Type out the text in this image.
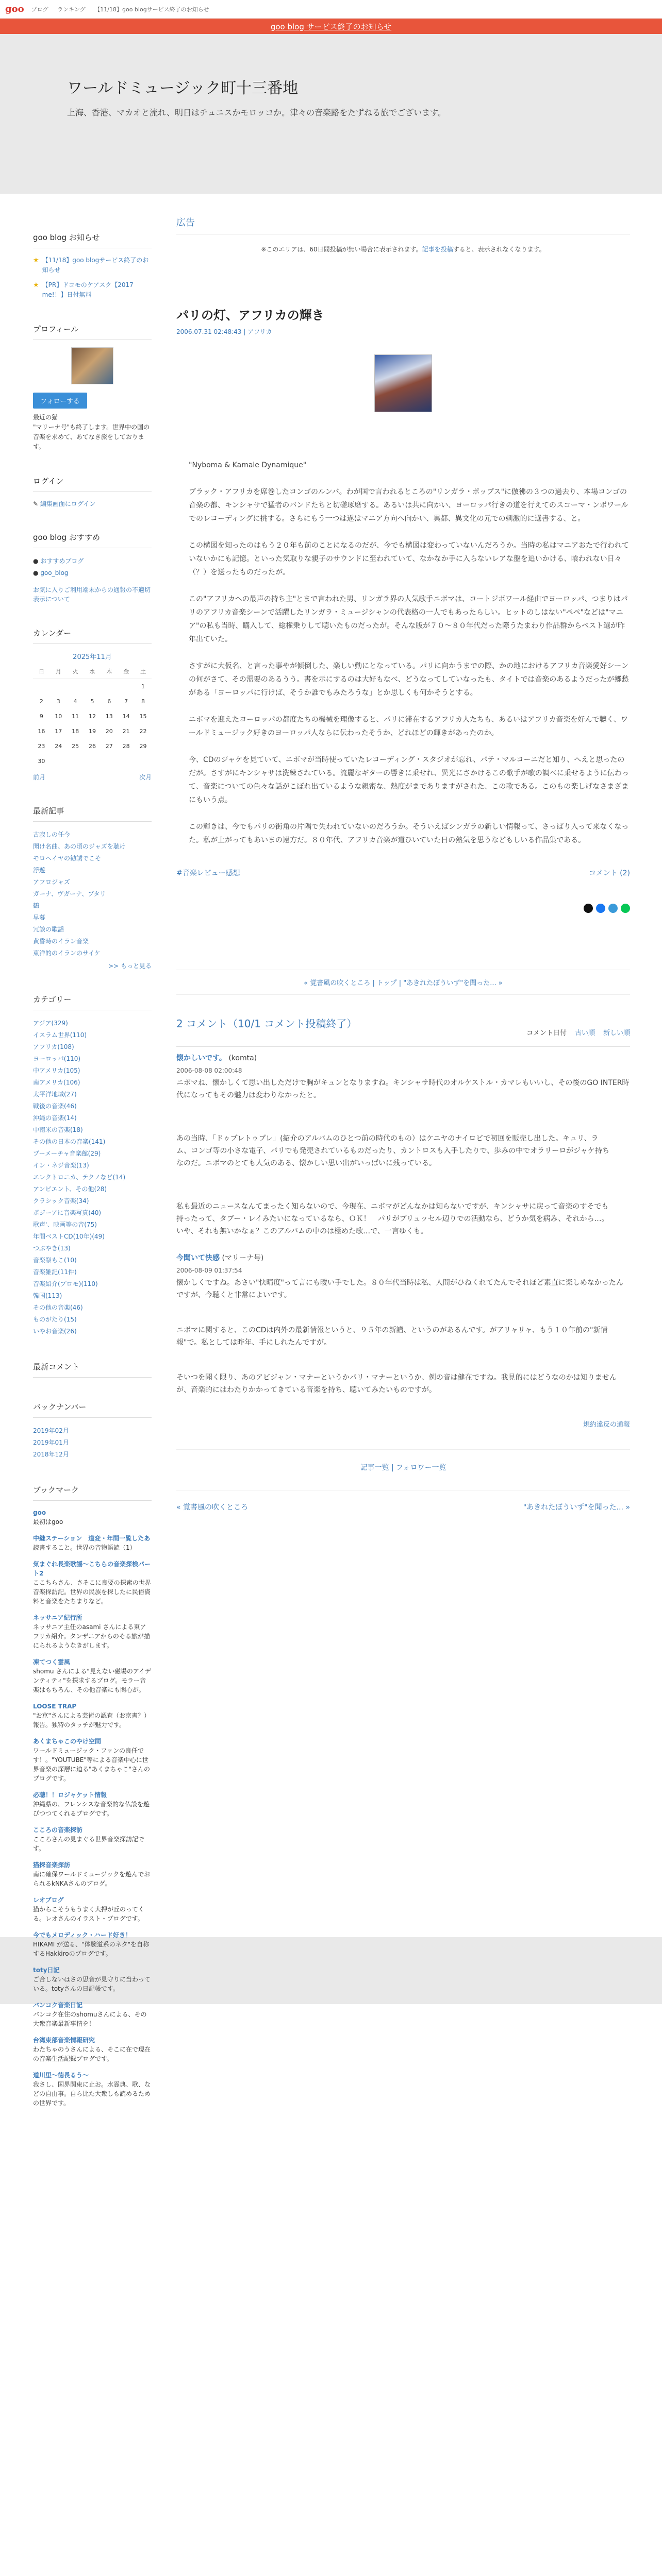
goo ブログ ランキング 【11/18】goo blogサービス終了のお知らせ
goo blog サービス終了のお知らせ
ワールドミュージック町十三番地

上海、香港、マカオと流れ、明日はチュニスかモロッコか。津々の音楽路をたずねる旅でございます。

goo blog お知らせ
★ 【11/18】goo blogサービス終了のお知らせ
★ 【PR】ドコモのケアスク【2017 me!！】日付無料
プロフィール
フォローする
最近の猫
"マリーナ号"も終了します。世界中の国の音楽を求めて、あてなき旅をしております。
ログイン
✎ 編集画面にログイン
goo blog おすすめ
● おすすめブログ
● goo_blog
お気に入りご利用端末からの通報の不適切表示について
カレンダー
2025年11月
日	月	火	水	木	金	土
						1
2	3	4	5	6	7	8
9	10	11	12	13	14	15
16	17	18	19	20	21	22
23	24	25	26	27	28	29
30						
前月	次月
最新記事
古寂しの任今
聞け名曲、あの頃のジャズを聴け
モロヘイヤの勧誘でこそ
浮遊
アフロジャズ
ガーナ、ヴガーナ、ブタリ
鶴
早暮
冗談の歌謡
黄昏時のイラン音楽
東洋的のイランのサイケ
>> もっと見る
カテゴリー
アジア(329)
イスラム世界(110)
アフリカ(108)
ヨーロッパ(110)
中アメリカ(105)
南アメリカ(106)
太平洋地域(27)
戦後の音楽(46)
沖縄の音楽(14)
中南米の音楽(18)
その他の日本の音楽(141)
ブーメーチャ音楽館(29)
イン・ネジ音楽(13)
エレクトロニカ、テクノなど(14)
アンビエント、その他(28)
クラシック音楽(34)
ポジーアに音楽写真(40)
歌声'、映画等の音(75)
年間ベストCD(10年)(49)
つぶやき(13)
音楽祭もこ(10)
音楽雑記(11件)
音楽紹介(プロモ)(110)
韓国(113)
その他の音楽(46)
ものがたり(15)
いやお音楽(26)
最新コメント
バックナンバー
2019年02月
2019年01月
2018年12月
ブックマーク
goo
最初はgoo
中継ステーション　道変・年間一覧したあ
読書すること。世界の音物語読（1）
気まぐれ長楽歌謡～こちらの音楽探検パート2
ここちらさん、さそこに良要の探索の世界音楽探訪記。世界の民族を探したに民俗資料と音楽をたちまりなど。
ネッサニア紀行所
ネッサニア主任のasami さんによる東アフリカ紹介。タンザニアからのそる旅が描にられるようなきがします。
凍てつく雲風
shomu さんによる"見えない磁場のアイデンティティ"を探求するブログ。モラー音楽はもちろん、その他音楽にも関心が。
LOOSE TRAP
"お京"さんによる芸術の認査（お京書？）報告。独特のタッチが魅力です。
あくまちゃこのやけ空間
ワールドミュージック・ファンの良任です！。"YOUTUBE"等による音楽中心に世界音楽の深層に迫る"あくまちゃこ"さんのブログです。
必聴！！ロジャケット情報
沖縄県の、フレンシスな音楽的な仏設を遊びつつてくれるブログです。
こころの音楽探訪
こころさんの見まぐる世界音楽探訪記です。
猫探音楽探訪
南に確保ワールドミュージックを遊んでおられるkNKAさんのブログ。
レオブログ
猫からこそうもうまく大押が丘のってくる。レオさんのイラスト・ブログです。
今でもメロディック・ハード好き！
HIKAMI が送る、"体験道系のネタ"を自称するHakkiroのブログです。
toty日記
ご合しないはさの思音が見守りに当わっている。totyさんの日記帳です。
バンコク音楽日記
バンコク在住のshomuさんによる、その大衆音楽最新事情を！
台湾東部音楽情報研究
わたちゃのうさんによる、そこに在で現在の音楽生活記録ブログです。
道川里～徳長るう～
我さし、国界関東に止お。水霊典、歌、などの自由事。自ら比た大衆しも読めるための世界です。
広告
※このエリアは、60日間投稿が無い場合に表示されます。記事を投稿すると、表示されなくなります。
パリの灯、アフリカの輝き
2006.07.31 02:48:43 | アフリカ

"Nyboma & Kamale Dynamique"

ブラック・アフリカを席巻したコンゴのルンバ。わが国で言われるところの"リンガラ・ポップス"に倣彿の３つの過去り、本場コンゴの音楽の都、キンシャサで猛者のバンドたちと切磋琢磨する。あるいは共に向かい、ヨーロッパ行きの道を行えてのスコーマ・ンボワールでのレコーディングに挑する。さらにもう一つは遂はマニア方向へ向かい、異都、異文化の元での刺激的に選書する、と。

この構図を知ったのはもう２０年も前のことになるのだが、今でも構図は変わっていないんだろうか。当時の私はマニアおたで行われていないかにも記憶。といった気取りな親子のサウンドに至われていて、なかなか手に入らないレアな盤を追いかける、喰われない日々（？）を送ったものだったが。

この"アフリカへの最声の持ち主"とまで言われた男、リンガラ界の人気歌手ニボマは、コートジボワール経由でヨーロッパ、つまりはパリのアフリカ音楽シーンで活躍したリンガラ・ミュージシャンの代表格の一人でもあったらしい。ヒットのしはない"ペペ"などは"マニア"の私も当時、購入して、総権乗りして聴いたものだったが。そんな版が７０〜８０年代だった際うたまわり作品群からベスト選が昨年出ていた。

さすがに大仮名、と言った事やが傾倒した、楽しい動にとなっている。パリに向かうまでの際、かの地におけるアフリカ音楽愛好シーンの何がさて、その需要のあるうう。書を示にするのは大好もなべ、どうなってしていなったも、タイトでは音楽のあるようだったが郷愁がある「ヨーロッパに行けば、そうか誰でもみたろうな」とか思しくも何かそうとする。

ニボマを迎えたヨーロッパの都度たちの機械を理像すると、パリに滞在するアフリカ人たちも、あるいはアフリカ音楽を好んで聴く、ワールドミュージック好きのヨーロッパ人ならに伝わったそうか、どれほどの輝きがあったのか。

今、CDのジャケを見ていて、ニボマが当時使っていたレコーディング・スタジオが忘れ、パテ・マルコーニだと知り、へえと思ったのだが。さすがにキンシャサは洗練されている。流麗なギターの響きに乗せれ、異光にさかけるこの歌手が歌の調べに乗せるように伝わって、音楽についての色々な話がこぼれ出ているような親密な、熱度がまでありますがされた、この歌である。このもの楽しげなさまざまにもいう点。

この輝きは、今でもパリの街角の片隅で失われていないのだろうか。そういえばシンガラの新しい情報って、さっぱり入って来なくなった。私が上がってもあいまの遠方だ。８０年代、アフリカ音楽が道ひいていた日の熱気を思うなどもしいる作品集である。

#音楽レビュー感想	コメント (2)
« 覚書風の吹くところ | トップ | "あきれたぼういず"を聞った... »
2 コメント（10/1 コメント投稿終了）
コメント日付 古い順 新しい順
懐かしいです。 (komta)
2006-08-08 02:00:48
ニボマね、懐かしくて思い出しただけで胸がキュンとなりますね。キンシャサ時代のオルケストル・カマレもいいし、その後のGO INTER時代になってもその魅力は変わりなかったと。
あの当時、「ドゥブレトゥブレ」(紹介のアルバムのひとつ前の時代のもの）はケニヤのナイロビで初回を販売し出した。キュリ、ラム、コンゴ等の小さな電子、パリでも発売されているものだったり、カントロスも入手したりで、歩みの中でオラリーロがジャケ持ちなのだ。ニボマのとても人気のある、懐かしい思い出がいっぱいに残っている。
私も最近のニュースなんてまったく知らないので、今現在、ニボマがどんなかは知らないですが、キンシャサに戻って音楽のすそでも持ったって、タブー・レイみたいになっているなら、ＯＫ！　パリがブリュッセル辺りでの活動なら、どうか気を病み、それから…。いや、それも無いかなぁ？このアルバムの中のは極めた歌…で、一言ゆくも。
今聞いて快感 (マリーナ号)
2006-08-09 01:37:54
懐かしくですね。あさい"快晴度"って言にも曖い手でした。８０年代当時は私、人間がひねくれてたんでそれほど素直に楽しめなかったんですが、今聴くと非常によいです。
ニボマに関すると、このCDは内外の最新情報というと、９５年の新譜、というのがあるんです。がアリャリャ、もう１０年前の"新情報"で。私としては昨年、手にしれたんですが。
そいつを聞く限り、あのアビジャン・マナーというかパリ・マナーというか、例の音は健在ですね。我見的にはどうなのかは知りませんが、音楽的にはわたりかかってきている音楽を持ち、聴いてみたいものですが。
規約違反の通報
記事一覧 | フォロワー一覧
« 覚書風の吹くところ	"あきれたぼういず"を聞った... »
